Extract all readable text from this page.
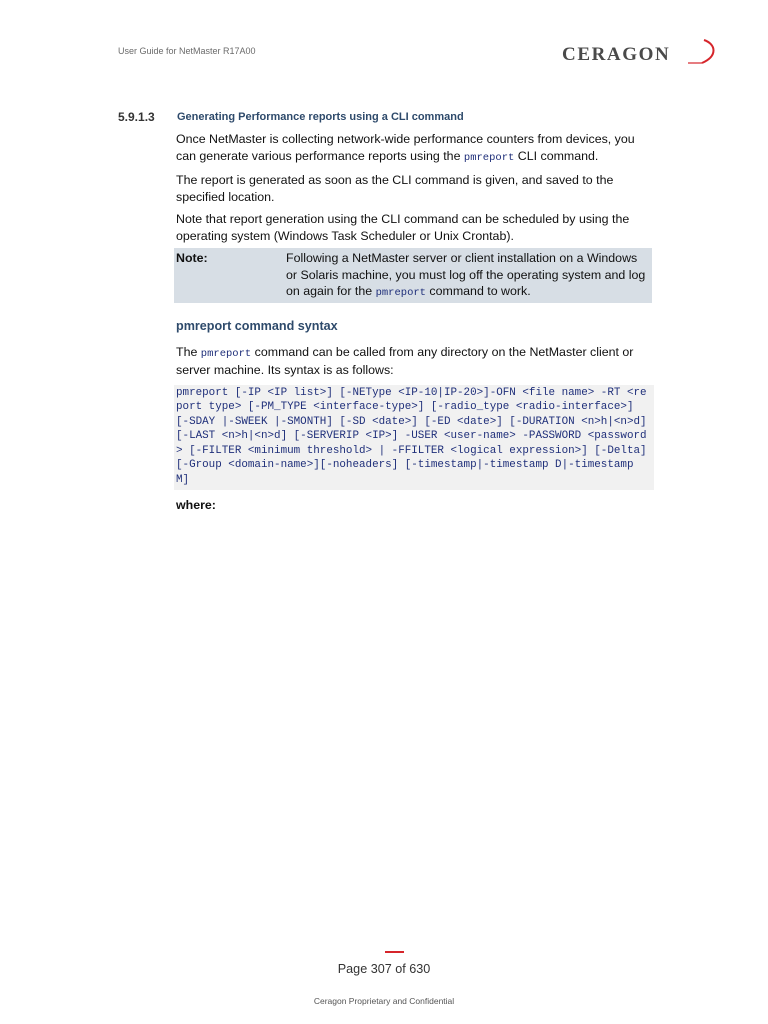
User Guide for NetMaster R17A00	CERAGON
5.9.1.3 Generating Performance reports using a CLI command

Once NetMaster is collecting network-wide performance counters from devices, you can generate various performance reports using the pmreport CLI command.

The report is generated as soon as the CLI command is given, and saved to the specified location.

Note that report generation using the CLI command can be scheduled by using the operating system (Windows Task Scheduler or Unix Crontab).

Note:	Following a NetMaster server or client installation on a Windows or Solaris machine, you must log off the operating system and log on again for the pmreport command to work.
pmreport command syntax

The pmreport command can be called from any directory on the NetMaster client or server machine. Its syntax is as follows:

pmreport [-IP <IP list>] [-NEType <IP-10|IP-20>]-OFN <file name> -RT <report type> [-PM_TYPE <interface-type>] [-radio_type <radio-interface>] [-SDAY |-SWEEK |-SMONTH] [-SD <date>] [-ED <date>] [-DURATION <n>h|<n>d] [-LAST <n>h|<n>d] [-SERVERIP <IP>] -USER <user-name> -PASSWORD <password> [-FILTER <minimum threshold> | -FFILTER <logical expression>] [-Delta] [-Group <domain-name>][-noheaders] [-timestamp|-timestamp D|-timestamp M]
where:
Page 307 of 630
Ceragon Proprietary and Confidential
